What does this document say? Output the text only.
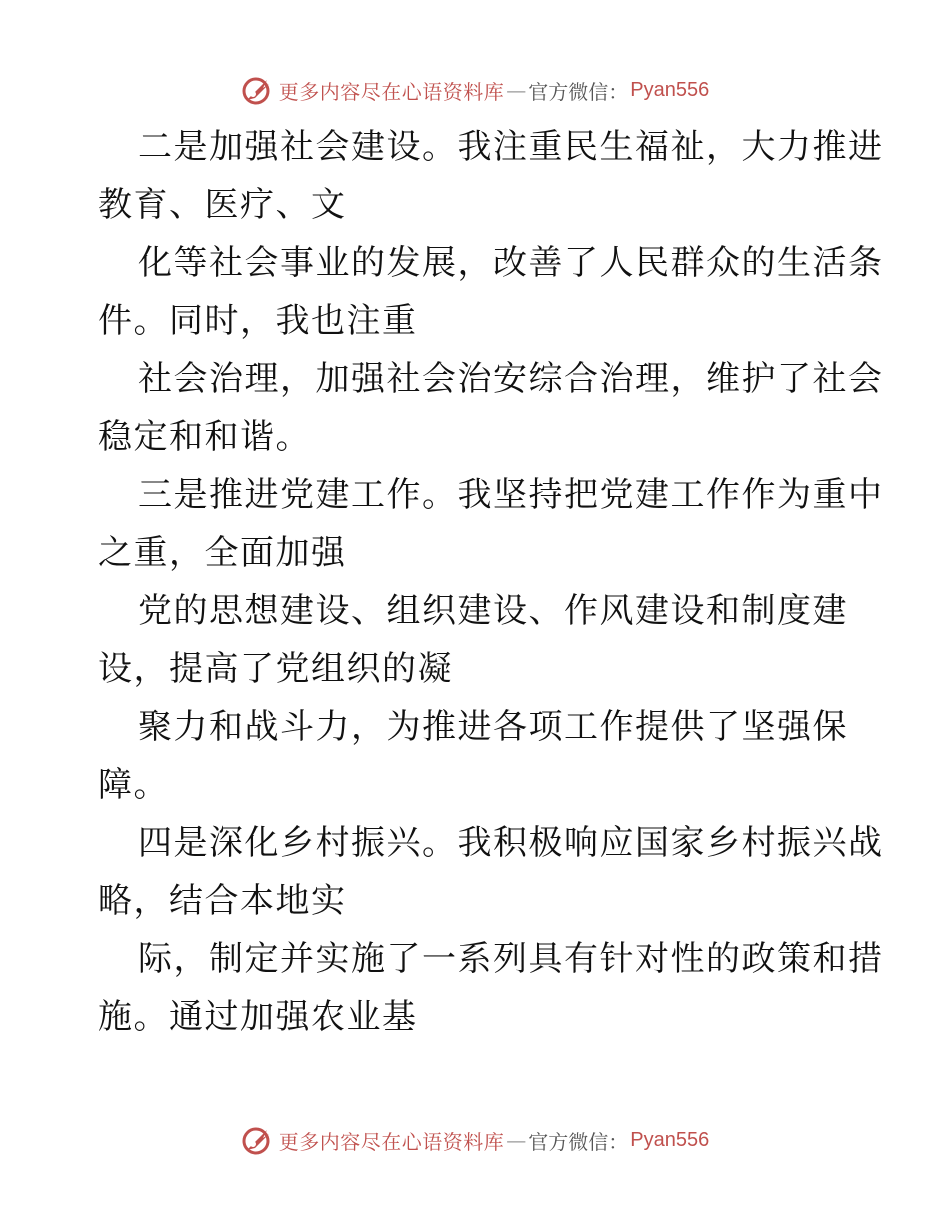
更多内容尽在心语资料库 — 官方微信： Pyan556
二是加强社会建设。我注重民生福祉，大力推进
教育、医疗、文
化等社会事业的发展，改善了人民群众的生活条
件。同时，我也注重
社会治理，加强社会治安综合治理，维护了社会
稳定和和谐。
三是推进党建工作。我坚持把党建工作作为重中
之重，全面加强
党的思想建设、组织建设、作风建设和制度建
设，提高了党组织的凝
聚力和战斗力，为推进各项工作提供了坚强保
障。
四是深化乡村振兴。我积极响应国家乡村振兴战
略，结合本地实
际，制定并实施了一系列具有针对性的政策和措
施。通过加强农业基
更多内容尽在心语资料库 — 官方微信： Pyan556
